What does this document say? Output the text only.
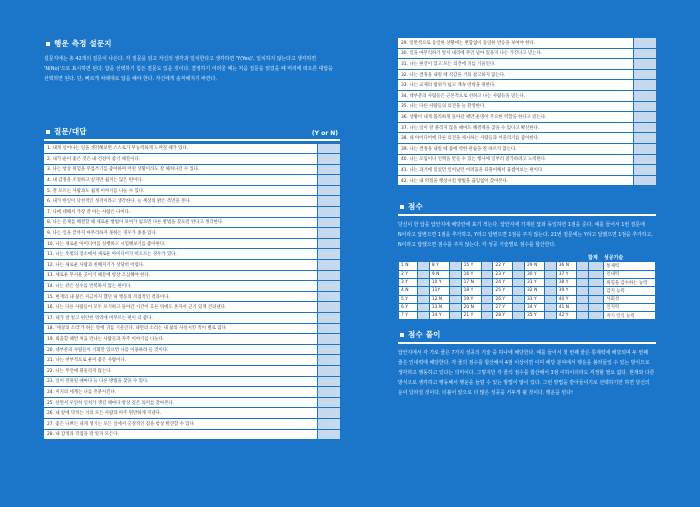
행운 측정 설문지
설문지에는 총 42개의 질문이 나온다. 각 질문을 읽고 자신의 생각과 일치한다고 생각하면 'Y(Yes)', 일치하지 않는다고 생각하면 'N(No)'으로 표시하면 된다. 답을 선택하기 힘든 질문도 있을 것이다. 결정하기 어려울 때는 처음 질문을 읽었을 때 머리에 떠오른 대답을 선택하면 된다. 단, 빠르게 차례대로 답을 해야 한다. 자신에게 솔직해지기 바란다.
질문/대답	(Y or N)
1. 내게 일어나는 일을 생각해보면 스스로가 무능력하게 느껴질 때가 있다.	
2. 내가 운이 좋은 것은 내 건강이 좋기 때문이다.	
3. 나는 항상 위험을 무릅쓰기를 좋아하며 어떤 상황이라도 잘 헤쳐나갈 수 있다.	
4. 내 감정을 조절하고 싶지만 쉽지는 않은 편이다.	
5. 잘 모르는 사람과도 쉽게 이야기를 나눌 수 있다.	
6. 내가 한일이 낙천적인 성격이라고 생각한다. 늘 세상의 밝은 측면을 본다.	
7. 나에 대해서 가장 잘 아는 사람은 나이다.	
8. 나는 문제를 해결할 때 새로운 방법이 보여가 없으면 다른 방법을 찾으면 된다고 생각한다.	
9. 나는 일을 끝까지 마무리하지 못하는 경우가 종종 있다.	
10. 나는 새로운 아이디어를 실행하고 시험해보기를 좋아한다.	
11. 나는 뜻밖의 장소에서 새로운 아이디어가 떠오르는 경우가 있다.	
12. 나는 새로운 사람과 친해지기가 상당히 어렵다.	
13. 새로운 무서운 곳이기 때문에 항상 조심해야 한다.	
14. 나는 같은 실수를 반복하지 않는 편이다.	
15. 현재의 내 삶은 지금까지 했던 내 행동의 직접적인 결과이다.	
16. 나는 다른 사람들이 모두 포기하고 돌아간 시간이 흐른 뒤에도 혼자서 근기 있게 견뎌낸다.	
17. 내가 잘 알고 편안한 영역에 머무르는 편이 더 좋다.	
18. '세상의 소리'가 하는 말에 귀를 기울인다. 내면의 소리는 내 삶의 사실시킨 적이 별로 없다.	
19. 외출할 때면 처음 만나는 사람들과 자주 이야기를 나눈다.	
20. 대부분의 사람들이 기회만 있으면 나를 이용하려 들 것이다.	
21. 나는 천부적으로 운이 좋은 사람이다.	
22. 나는 무언에 휘둘리지 않는다.	
23. 일이 잘풀릴 때마다 늘 다른 방법을 찾을 수 있다.	
24. 미지의 세계는 나를 흥분시킨다.	
25. 살면서 우연히 일치가 생길 때마다 항상 깊은 의미를 찾아본다.	
26. 내 앞에 닥치는 거의 모든 사람과 아주 원만하게 지낸다.	
27. 좋은 나쁘든 내게 생기는 모든 일에서 긍정적인 점을 항상 발견할 수 있다.	
28. 내 감정과 직업을 잘 알지 모든다.	
29. 일반적으로 동일한 상황에는 변함없이 동일한 반응을 보여야 한다.	
30. 일을 마무리하기 앞서 내리에 무언 남아 있을지 나는 가진다고 믿는다.	
31. 나는 편견이 있고 모든 의견에 귀를 기울인다.	
32. 나는 결정을 내릴 때 직감을 거의 참고하지 않는다.	
33. 나는 교제의 범위가 넓고 계속 연락을 취한다.	
34. 대부분의 사람들은 근본적으로 선하고 나는 사람들을 믿는다.	
35. 나는 다른 사람들의 의견을 늘 환영한다.	
36. 상황이 내게 불리하게 돌아갈 때만 운명이 주요한 역할을 한다고 믿는다.	
37. 나는 일이 잘 풀리지 않을 때마도 해결책을 찾을 수 있다고 확신한다.	
38. 내 아이디어에 다른 의견을 제시하는 사람들과 어울리기를 좋아한다.	
39. 나는 결정을 내릴 때 좋에 약한 관습을 잘 따르지 않는다.	
40. 나는 모임이나 인맥을 만들 수 있는 행사에 일부러 참가하려고 노력한다.	
41. 나는 과거에 있었던 일어났던 어려움을 되풀이해서 곱씹어보는 편이다.	
42. 나는 내 약점을 행상시킬 방법을 끊임없이 찾아본다.	
점수
당신이 한 답을 답안지에 해당란에 표기 적는다. 답안지에 기재된 답과 동일하면 1점을 준다. 예를 들어서 1번 질문에 N이라고 답변으면 1점을 추가하고, Y라고 답변으면 1점을 주지 않는다. 21번 질문에는 Y라고 답했으면 1점을 추가하고, N이라고 답했으면 점수를 주지 않는다. 각 성공 기술별로 점수를 합산한다.
												합계	성공기술
1 N		8 Y		15 Y		22 Y		29 N		36 N			통제력
2 Y		9 N		16 Y		23 Y		30 Y		37 Y			인내력
3 Y		10 Y		17 N		24 Y		31 Y		38 Y			위험을 감수하는 능력
4 N		11Y		18 Y		25 Y		32 N		39 Y			감지 능력
5 Y		12 N		19 Y		26 Y		33 Y		40 Y			사회성
6 Y		13 N		20 N		27 Y		34 Y		41 N			인지력
7 Y		14 Y		21 Y		28 Y		35 Y		42 Y			자기 인식 능력
점수 풀이
답안지에서 각 가로 줄은 7가지 성공의 기술 중 하나에 해당한다. 예를 들어서 첫 번째 줄은 통제력에 해당되며 두 번째 줄은 인내력에 해당한다. 각 줄의 점수를 합산해서 4점 이상이면 이미 해당 분야에서 행운을 불러들일 수 있는 방식으로 생각하고 행동하고 있다는 의미이다. 그렇지만 각 줄의 점수를 합산해서 3점 이하이더라도 걱정할 필요 없다. 현재와 다른 방식으로 생각하고 행동해서 행운을 늘릴 수 있는 방법이 많이 있다. 그런 방법을 받아들이기로 선택하기만 하면 당신의 운이 달라질 것이다. 더불어 앞으로 더 많은 성공을 거두게 될 것이다. 행운을 빈다!
